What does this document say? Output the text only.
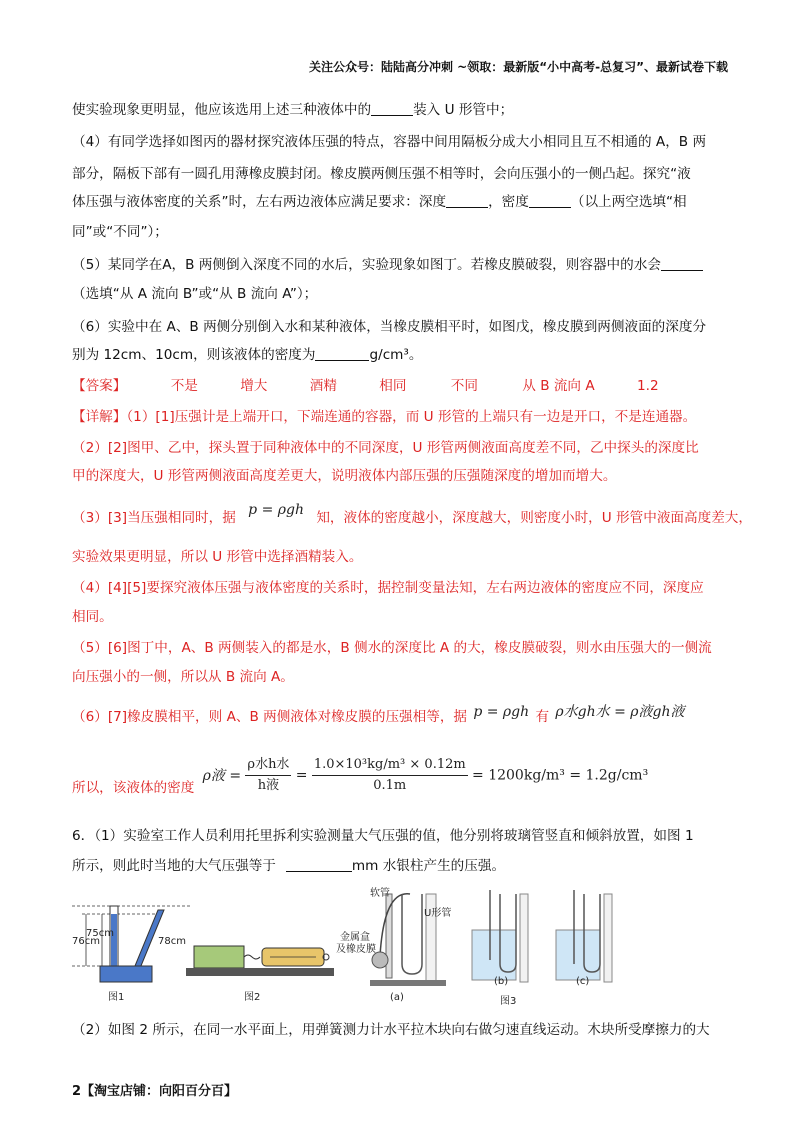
关注公众号：陆陆高分冲刺 ~领取：最新版“小中高考-总复习”、最新试卷下载
使实验现象更明显，他应该选用上述三种液体中的	装入 U 形管中；
（4）有同学选择如图丙的器材探究液体压强的特点，容器中间用隔板分成大小相同且互不相通的 A，B 两
部分，隔板下部有一圆孔用薄橡皮膜封闭。橡皮膜两侧压强不相等时，会向压强小的一侧凸起。探究“液
体压强与液体密度的关系”时，左右两边液体应满足要求：深度	，密度	（以上两空选填“相
同”或“不同”）；
（5）某同学在A，B 两侧倒入深度不同的水后，实验现象如图丁。若橡皮膜破裂，则容器中的水会
（选填“从 A 流向 B”或“从 B 流向 A”）；
（6）实验中在 A、B 两侧分别倒入水和某种液体，当橡皮膜相平时，如图戊，橡皮膜到两侧液面的深度分
别为 12cm、10cm，则该液体的密度为	g/cm³。
【答案】	不是	增大	酒精	相同	不同	从 B 流向 A	1.2
【详解】（1）[1]压强计是上端开口，下端连通的容器，而 U 形管的上端只有一边是开口，不是连通器。
（2）[2]图甲、乙中，探头置于同种液体中的不同深度，U 形管两侧液面高度差不同，乙中探头的深度比
甲的深度大，U 形管两侧液面高度差更大，说明液体内部压强的压强随深度的增加而增大。
（3）[3]当压强相同时，据 p = ρgh 知，液体的密度越小，深度越大，则密度小时，U 形管中液面高度差大，
实验效果更明显，所以 U 形管中选择酒精装入。
（4）[4][5]要探究液体压强与液体密度的关系时，据控制变量法知，左右两边液体的密度应不同，深度应
相同。
（5）[6]图丁中，A、B 两侧装入的都是水，B 侧水的深度比 A 的大，橡皮膜破裂，则水由压强大的一侧流
向压强小的一侧，所以从 B 流向 A。
（6）[7]橡皮膜相平，则 A、B 两侧液体对橡皮膜的压强相等，据 p = ρgh 有 ρ水gh水 = ρ液gh液
所以，该液体的密度 ρ液 = $\frac{\text{ρ水h水}}{\text{h液}} = \frac{\text{1.0×10³kg/m³ × 0.12m}}{0.1m} = 1200kg/m^3 = 1.2g/cm^3$
6．（1）实验室工作人员利用托里拆利实验测量大气压强的值，他分别将玻璃管竖直和倾斜放置，如图 1
所示，则此时当地的大气压强等于	mm 水银柱产生的压强。
75cm
76cm	78cm
图1	图2
软管
U形管
金属盒
及橡皮膜
(a)
(b)
图3
(c)
（2）如图 2 所示，在同一水平面上，用弹簧测力计水平拉木块向右做匀速直线运动。木块所受摩擦力的大
2【淘宝店铺：向阳百分百】
